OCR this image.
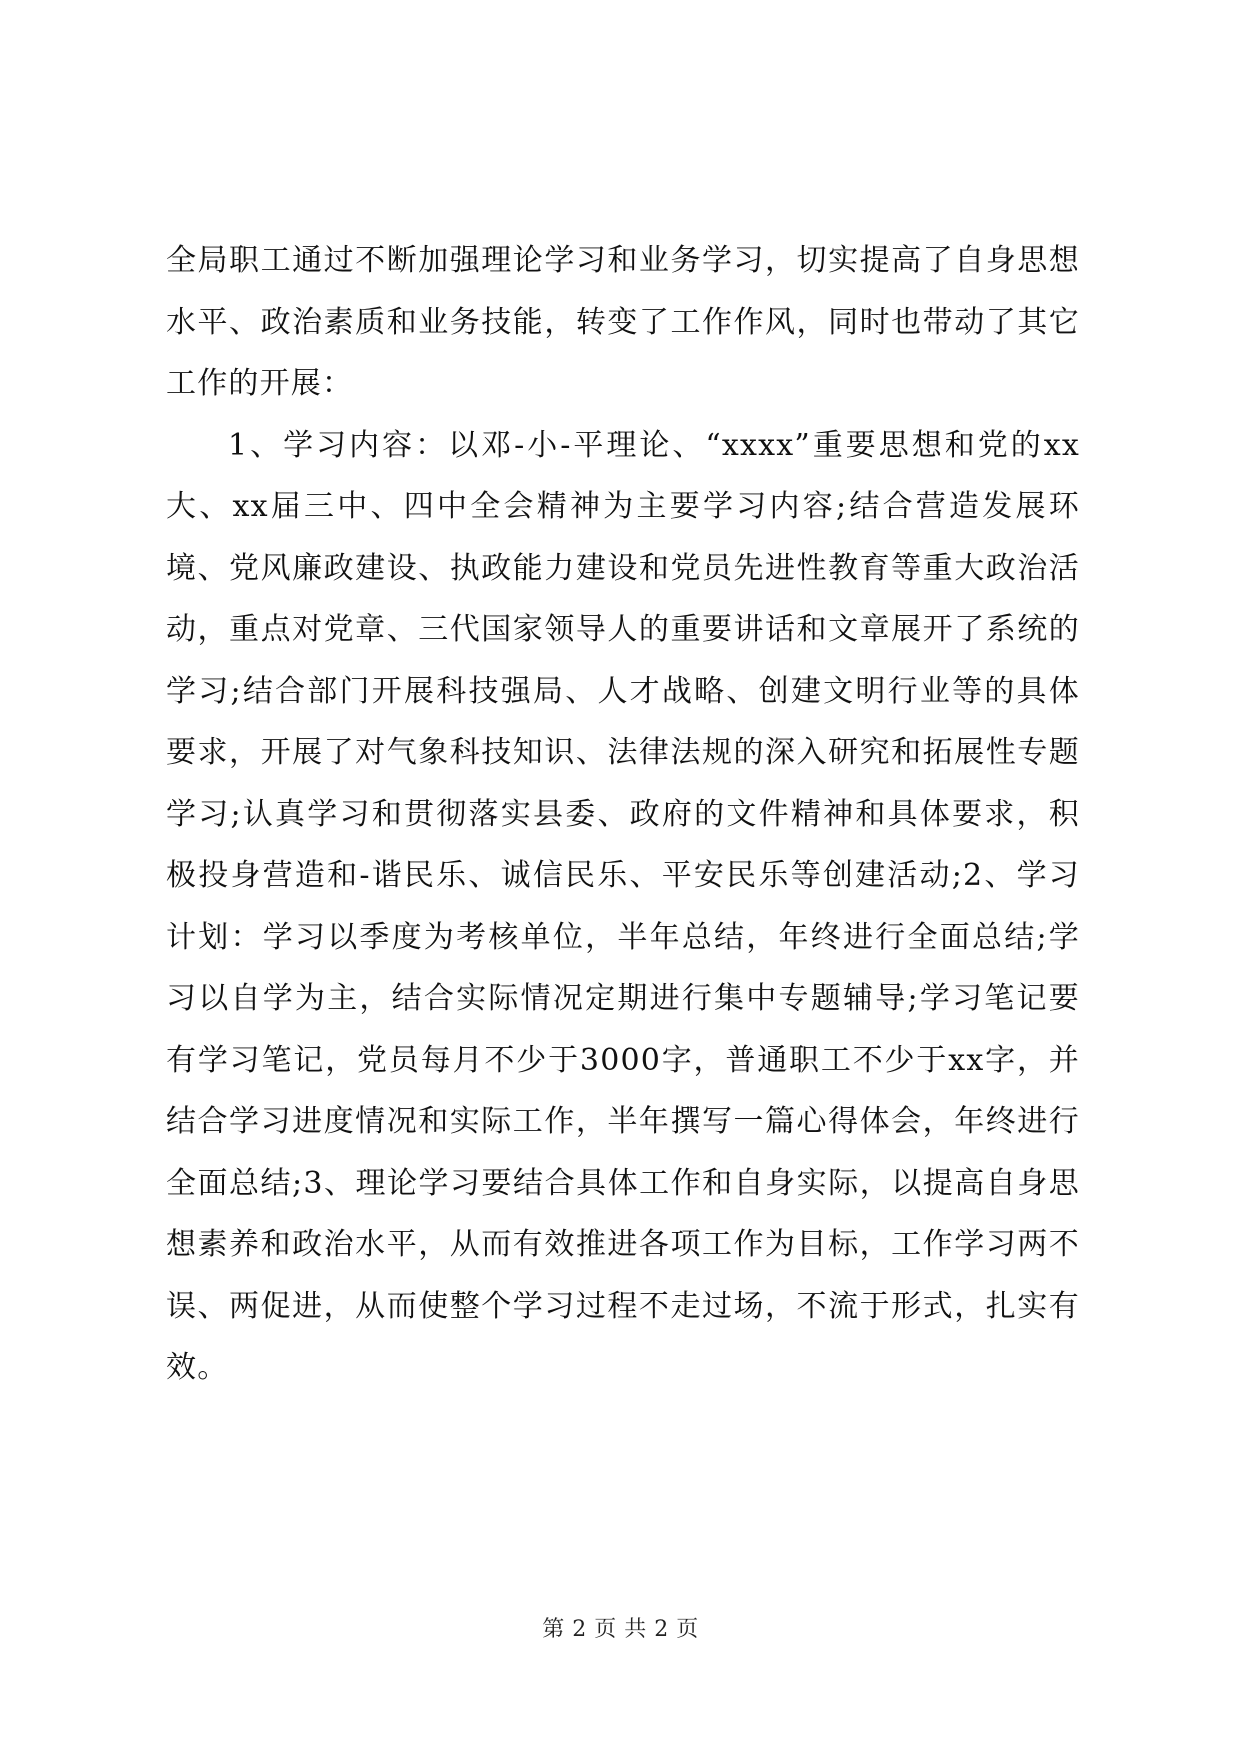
全局职工通过不断加强理论学习和业务学习，切实提高了自身思想水平、政治素质和业务技能，转变了工作作风，同时也带动了其它工作的开展：

1、学习内容：以邓-小-平理论、“xxxx”重要思想和党的xx大、xx届三中、四中全会精神为主要学习内容;结合营造发展环境、党风廉政建设、执政能力建设和党员先进性教育等重大政治活动，重点对党章、三代国家领导人的重要讲话和文章展开了系统的学习;结合部门开展科技强局、人才战略、创建文明行业等的具体要求，开展了对气象科技知识、法律法规的深入研究和拓展性专题学习;认真学习和贯彻落实县委、政府的文件精神和具体要求，积极投身营造和-谐民乐、诚信民乐、平安民乐等创建活动;2、学习计划：学习以季度为考核单位，半年总结，年终进行全面总结;学习以自学为主，结合实际情况定期进行集中专题辅导;学习笔记要有学习笔记，党员每月不少于3000字，普通职工不少于xx字，并结合学习进度情况和实际工作，半年撰写一篇心得体会，年终进行全面总结;3、理论学习要结合具体工作和自身实际，以提高自身思想素养和政治水平，从而有效推进各项工作为目标，工作学习两不误、两促进，从而使整个学习过程不走过场，不流于形式，扎实有效。

第 2 页 共 2 页
